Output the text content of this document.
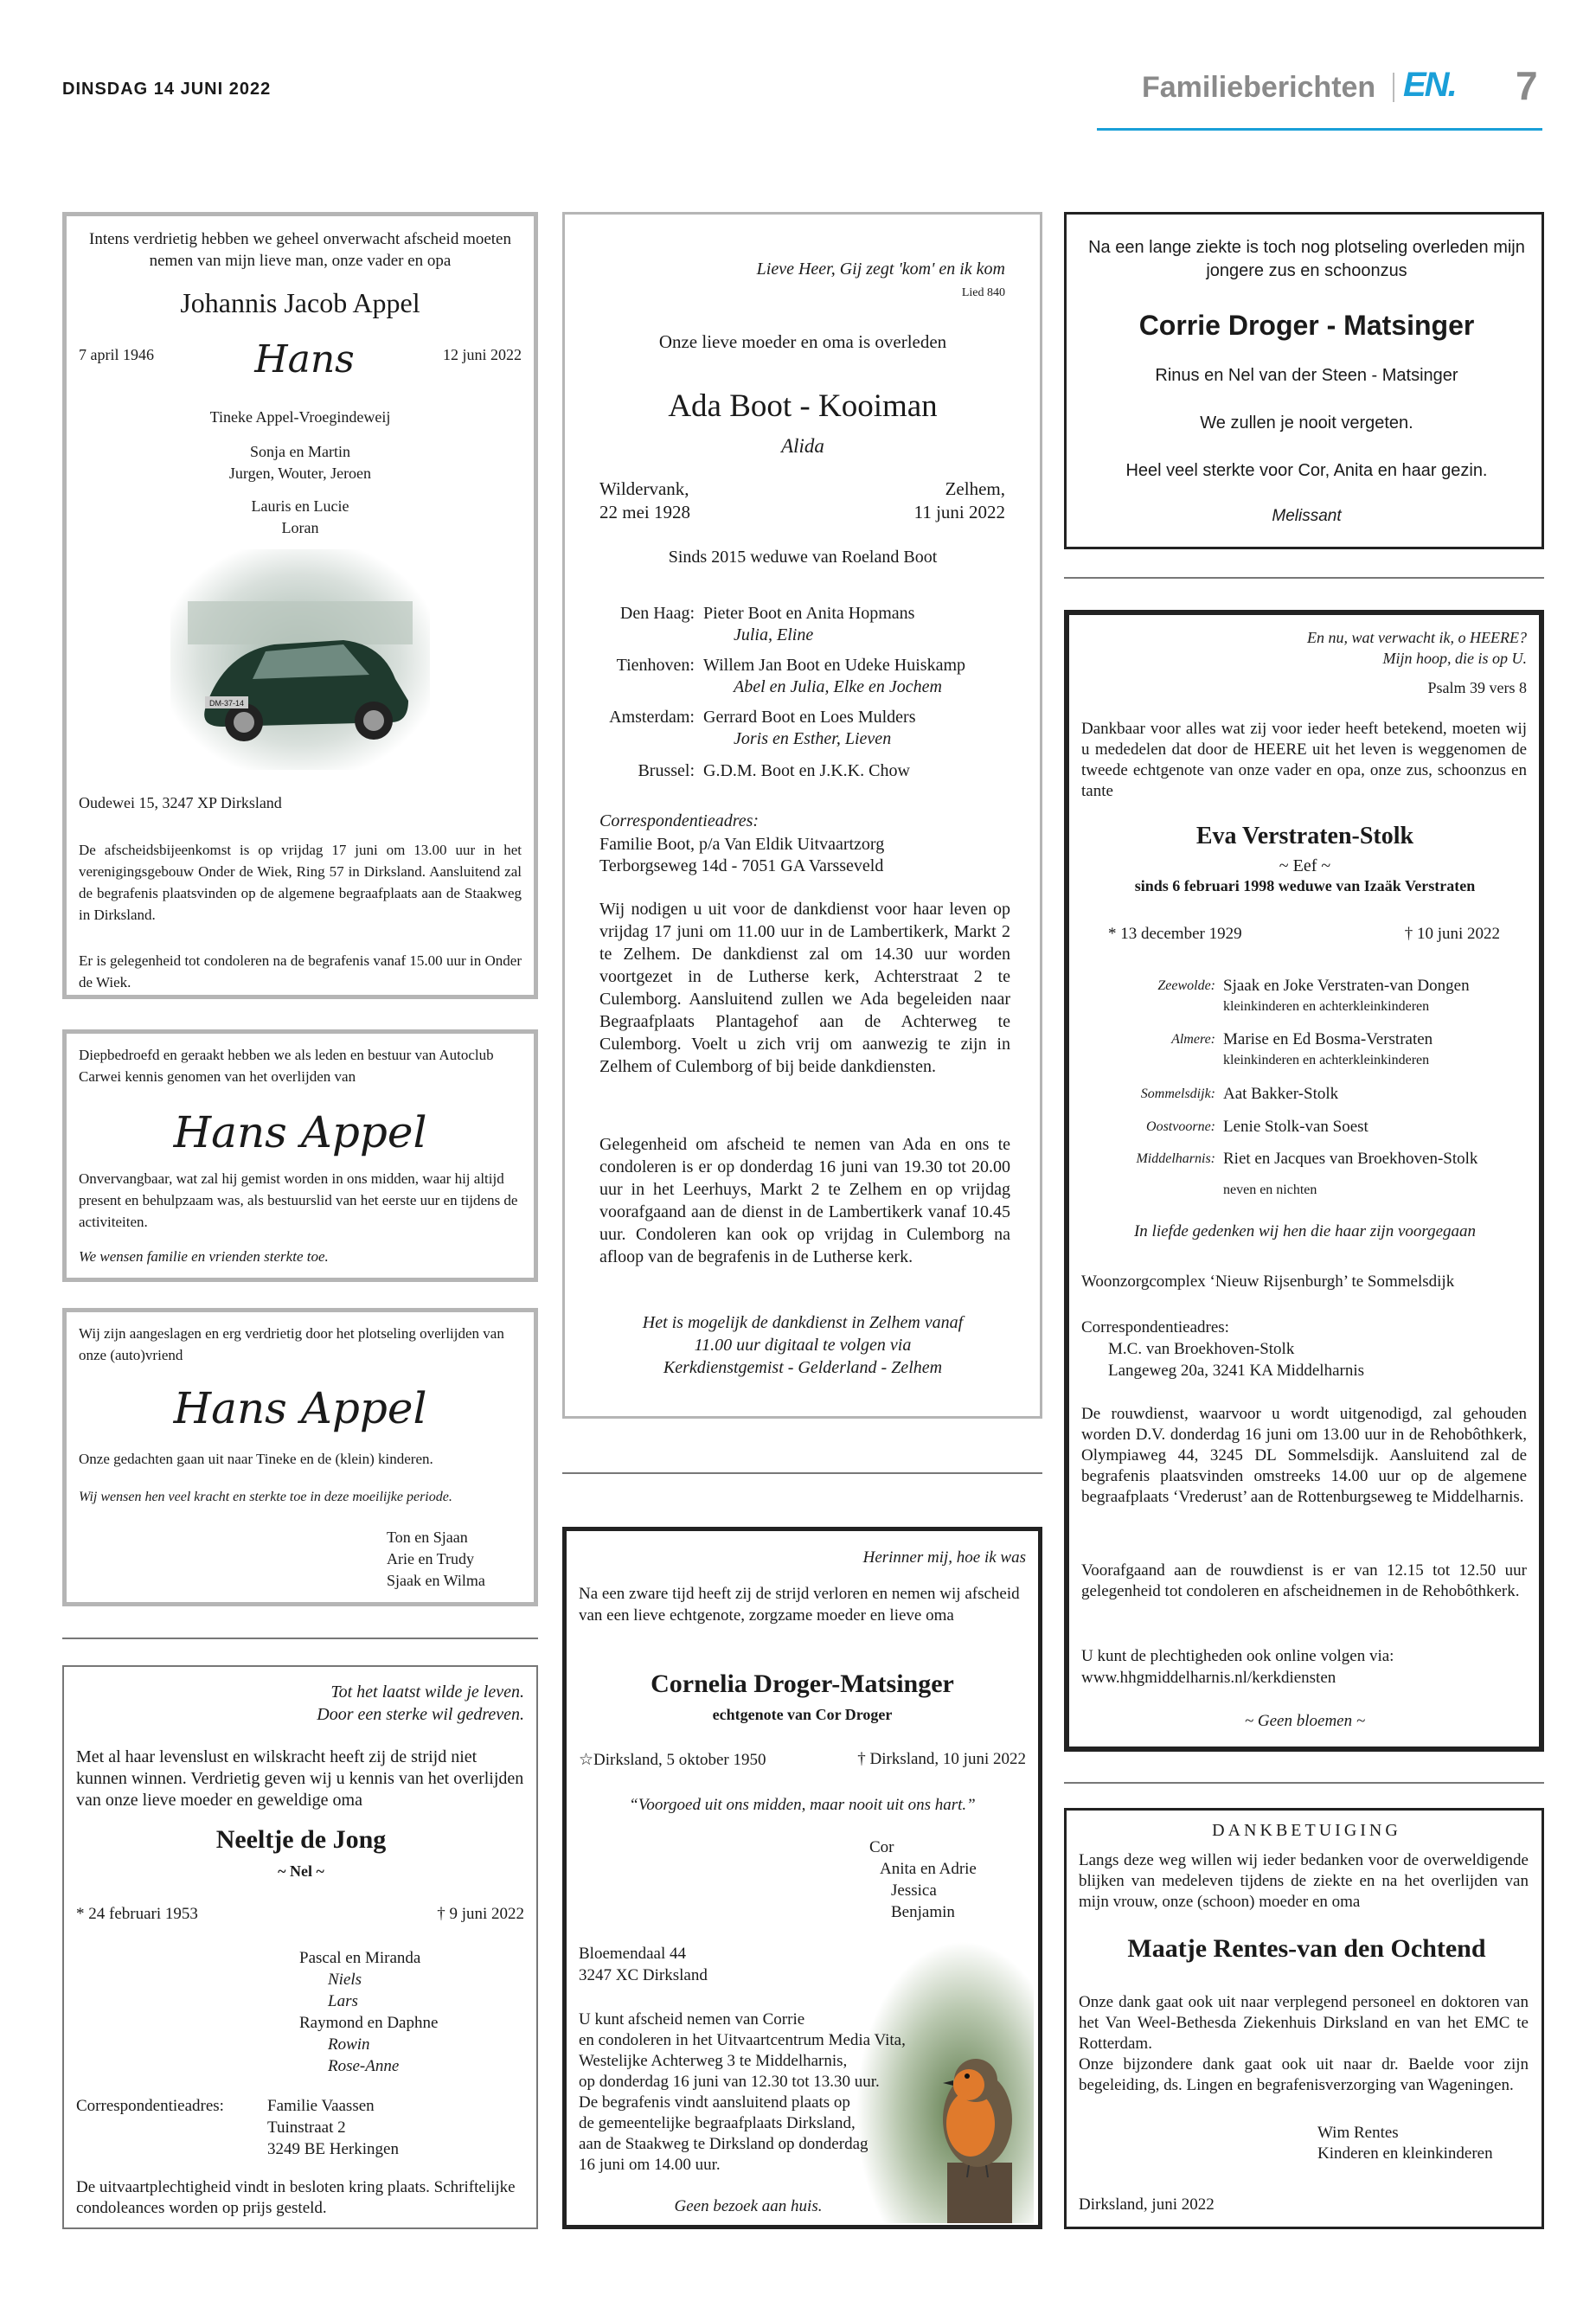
DINSDAG 14 JUNI 2022	Familieberichten EN. 7
Intens verdrietig hebben we geheel onverwacht afscheid moeten nemen van mijn lieve man, onze vader en opa
Johannis Jacob Appel
7 april 1946	Hans	12 juni 2022
Tineke Appel-Vroegindeweij
Sonja en Martin
Jurgen, Wouter, Jeroen
Lauris en Lucie
Loran
DM-37-14
Oudewei 15, 3247 XP Dirksland
De afscheidsbijeenkomst is op vrijdag 17 juni om 13.00 uur in het verenigingsgebouw Onder de Wiek, Ring 57 in Dirksland. Aansluitend zal de begrafenis plaatsvinden op de algemene begraafplaats aan de Staakweg in Dirksland.
Er is gelegenheid tot condoleren na de begrafenis vanaf 15.00 uur in Onder de Wiek.
Diepbedroefd en geraakt hebben we als leden en bestuur van Autoclub Carwei kennis genomen van het overlijden van
Hans Appel
Onvervangbaar, wat zal hij gemist worden in ons midden, waar hij altijd present en behulpzaam was, als bestuurslid van het eerste uur en tijdens de activiteiten.
We wensen familie en vrienden sterkte toe.
Wij zijn aangeslagen en erg verdrietig door het plotseling overlijden van onze (auto)vriend
Hans Appel
Onze gedachten gaan uit naar Tineke en de (klein) kinderen.
Wij wensen hen veel kracht en sterkte toe in deze moeilijke periode.
Ton en Sjaan
Arie en Trudy
Sjaak en Wilma
Tot het laatst wilde je leven.
Door een sterke wil gedreven.
Met al haar levenslust en wilskracht heeft zij de strijd niet kunnen winnen. Verdrietig geven wij u kennis van het overlijden van onze lieve moeder en geweldige oma
Neeltje de Jong
~ Nel ~
* 24 februari 1953	† 9 juni 2022
Pascal en Miranda
Niels
Lars
Raymond en Daphne
Rowin
Rose-Anne
Correspondentieadres:	Familie Vaassen
Tuinstraat 2
3249 BE Herkingen
De uitvaartplechtigheid vindt in besloten kring plaats. Schriftelijke condoleances worden op prijs gesteld.
Lieve Heer, Gij zegt 'kom' en ik kom
Lied 840
Onze lieve moeder en oma is overleden
Ada Boot - Kooiman
Alida
Wildervank,
22 mei 1928
Zelhem,
11 juni 2022
Sinds 2015 weduwe van Roeland Boot
Den Haag: Pieter Boot en Anita Hopmans
Julia, Eline
Tienhoven: Willem Jan Boot en Udeke Huiskamp
Abel en Julia, Elke en Jochem
Amsterdam: Gerrard Boot en Loes Mulders
Joris en Esther, Lieven
Brussel: G.D.M. Boot en J.K.K. Chow
Correspondentieadres:
Familie Boot, p/a Van Eldik Uitvaartzorg
Terborgseweg 14d - 7051 GA Varsseveld
Wij nodigen u uit voor de dankdienst voor haar leven op vrijdag 17 juni om 11.00 uur in de Lambertikerk, Markt 2 te Zelhem. De dankdienst zal om 14.30 uur worden voortgezet in de Lutherse kerk, Achterstraat 2 te Culemborg. Aansluitend zullen we Ada begeleiden naar Begraafplaats Plantagehof aan de Achterweg te Culemborg. Voelt u zich vrij om aanwezig te zijn in Zelhem of Culemborg of bij beide dankdiensten.
Gelegenheid om afscheid te nemen van Ada en ons te condoleren is er op donderdag 16 juni van 19.30 tot 20.00 uur in het Leerhuys, Markt 2 te Zelhem en op vrijdag voorafgaand aan de dienst in de Lambertikerk vanaf 10.45 uur. Condoleren kan ook op vrijdag in Culemborg na afloop van de begrafenis in de Lutherse kerk.
Het is mogelijk de dankdienst in Zelhem vanaf
11.00 uur digitaal te volgen via
Kerkdienstgemist - Gelderland - Zelhem
Herinner mij, hoe ik was
Na een zware tijd heeft zij de strijd verloren en nemen wij afscheid van een lieve echtgenote, zorgzame moeder en lieve oma
Cornelia Droger-Matsinger
echtgenote van Cor Droger
☆Dirksland, 5 oktober 1950	† Dirksland, 10 juni 2022
“Voorgoed uit ons midden, maar nooit uit ons hart.”
Cor
Anita en Adrie
Jessica
Benjamin
Bloemendaal 44
3247 XC Dirksland
U kunt afscheid nemen van Corrie
en condoleren in het Uitvaartcentrum Media Vita,
Westelijke Achterweg 3 te Middelharnis,
op donderdag 16 juni van 12.30 tot 13.30 uur.
De begrafenis vindt aansluitend plaats op
de gemeentelijke begraafplaats Dirksland,
aan de Staakweg te Dirksland op donderdag
16 juni om 14.00 uur.
Geen bezoek aan huis.
Na een lange ziekte is toch nog plotseling overleden mijn jongere zus en schoonzus
Corrie Droger - Matsinger
Rinus en Nel van der Steen - Matsinger
We zullen je nooit vergeten.
Heel veel sterkte voor Cor, Anita en haar gezin.
Melissant
En nu, wat verwacht ik, o HEERE?
Mijn hoop, die is op U.
Psalm 39 vers 8
Dankbaar voor alles wat zij voor ieder heeft betekend, moeten wij u mededelen dat door de HEERE uit het leven is weggenomen de tweede echtgenote van onze vader en opa, onze zus, schoonzus en tante
Eva Verstraten-Stolk
~ Eef ~
sinds 6 februari 1998 weduwe van Izaäk Verstraten
* 13 december 1929	† 10 juni 2022
Zeewolde: Sjaak en Joke Verstraten-van Dongen
kleinkinderen en achterkleinkinderen
Almere: Marise en Ed Bosma-Verstraten
kleinkinderen en achterkleinkinderen
Sommelsdijk: Aat Bakker-Stolk
Oostvoorne: Lenie Stolk-van Soest
Middelharnis: Riet en Jacques van Broekhoven-Stolk
neven en nichten
In liefde gedenken wij hen die haar zijn voorgegaan
Woonzorgcomplex ‘Nieuw Rijsenburgh’ te Sommelsdijk
Correspondentieadres:
M.C. van Broekhoven-Stolk
Langeweg 20a, 3241 KA Middelharnis
De rouwdienst, waarvoor u wordt uitgenodigd, zal gehouden worden D.V. donderdag 16 juni om 13.00 uur in de Rehobôthkerk, Olympiaweg 44, 3245 DL Sommelsdijk. Aansluitend zal de begrafenis plaatsvinden omstreeks 14.00 uur op de algemene begraafplaats ‘Vrederust’ aan de Rottenburgseweg te Middelharnis.
Voorafgaand aan de rouwdienst is er van 12.15 tot 12.50 uur gelegenheid tot condoleren en afscheidnemen in de Rehobôthkerk.
U kunt de plechtigheden ook online volgen via:
www.hhgmiddelharnis.nl/kerkdiensten
~ Geen bloemen ~
DANKBETUIGING
Langs deze weg willen wij ieder bedanken voor de overweldigende blijken van medeleven tijdens de ziekte en na het overlijden van mijn vrouw, onze (schoon) moeder en oma
Maatje Rentes-van den Ochtend
Onze dank gaat ook uit naar verplegend personeel en doktoren van het Van Weel-Bethesda Ziekenhuis Dirksland en van het EMC te Rotterdam.
Onze bijzondere dank gaat ook uit naar dr. Baelde voor zijn begeleiding, ds. Lingen en begrafenisverzorging van Wageningen.
Wim Rentes
Kinderen en kleinkinderen
Dirksland, juni 2022
